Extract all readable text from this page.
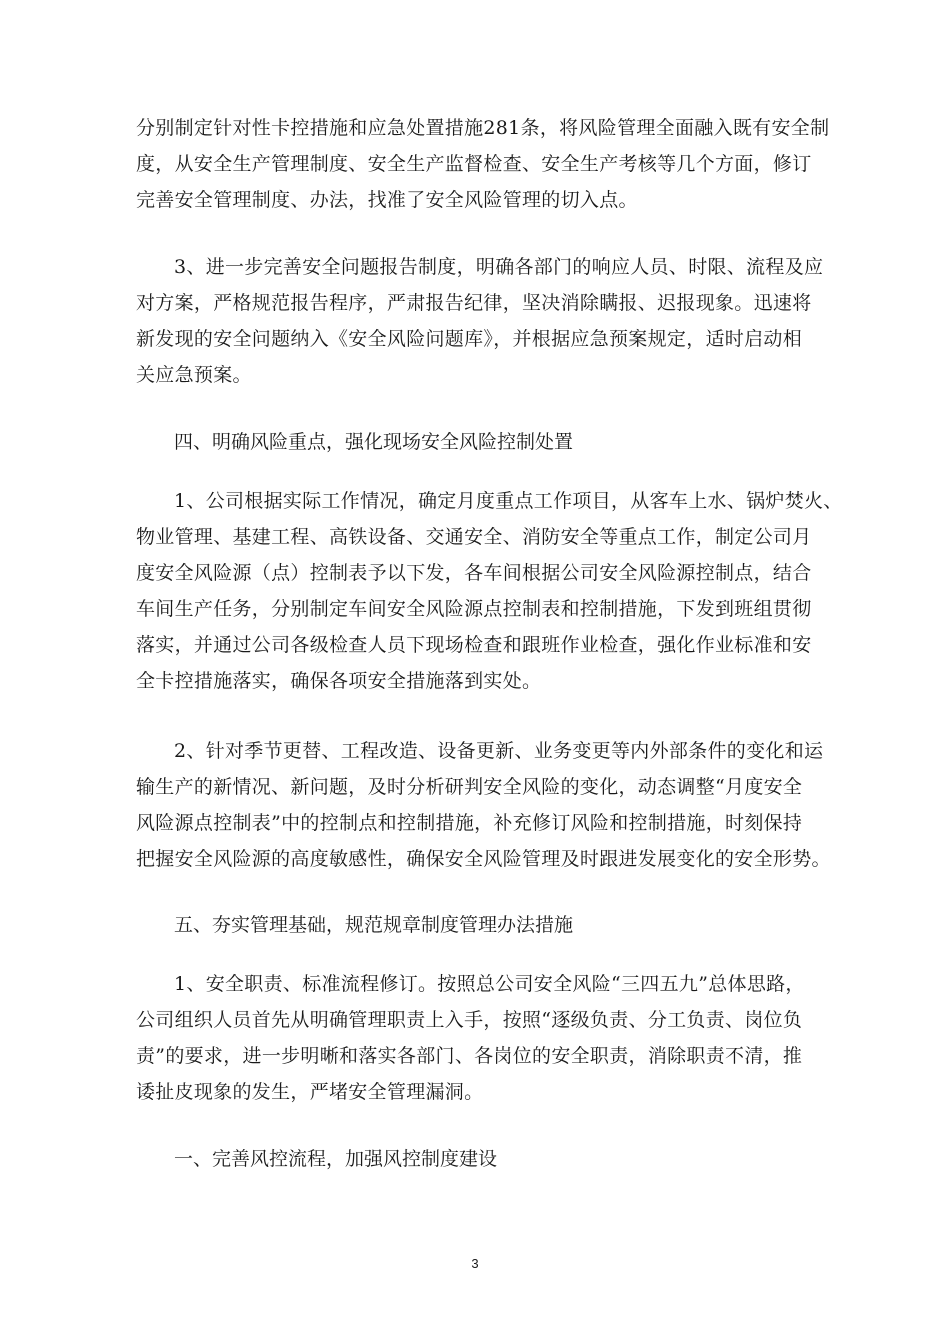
分别制定针对性卡控措施和应急处置措施281条，将风险管理全面融入既有安全制
度，从安全生产管理制度、安全生产监督检查、安全生产考核等几个方面，修订
完善安全管理制度、办法，找准了安全风险管理的切入点。

3、进一步完善安全问题报告制度，明确各部门的响应人员、时限、流程及应
对方案，严格规范报告程序，严肃报告纪律，坚决消除瞒报、迟报现象。迅速将
新发现的安全问题纳入《安全风险问题库》，并根据应急预案规定，适时启动相
关应急预案。

四、明确风险重点，强化现场安全风险控制处置

1、公司根据实际工作情况，确定月度重点工作项目，从客车上水、锅炉焚火、
物业管理、基建工程、高铁设备、交通安全、消防安全等重点工作，制定公司月
度安全风险源（点）控制表予以下发，各车间根据公司安全风险源控制点，结合
车间生产任务，分别制定车间安全风险源点控制表和控制措施，下发到班组贯彻
落实，并通过公司各级检查人员下现场检查和跟班作业检查，强化作业标准和安
全卡控措施落实，确保各项安全措施落到实处。

2、针对季节更替、工程改造、设备更新、业务变更等内外部条件的变化和运
输生产的新情况、新问题，及时分析研判安全风险的变化，动态调整“月度安全
风险源点控制表”中的控制点和控制措施，补充修订风险和控制措施，时刻保持
把握安全风险源的高度敏感性，确保安全风险管理及时跟进发展变化的安全形势。

五、夯实管理基础，规范规章制度管理办法措施

1、安全职责、标准流程修订。按照总公司安全风险“三四五九”总体思路，
公司组织人员首先从明确管理职责上入手，按照“逐级负责、分工负责、岗位负
责”的要求，进一步明晰和落实各部门、各岗位的安全职责，消除职责不清，推
诿扯皮现象的发生，严堵安全管理漏洞。

一、完善风控流程，加强风控制度建设

3
